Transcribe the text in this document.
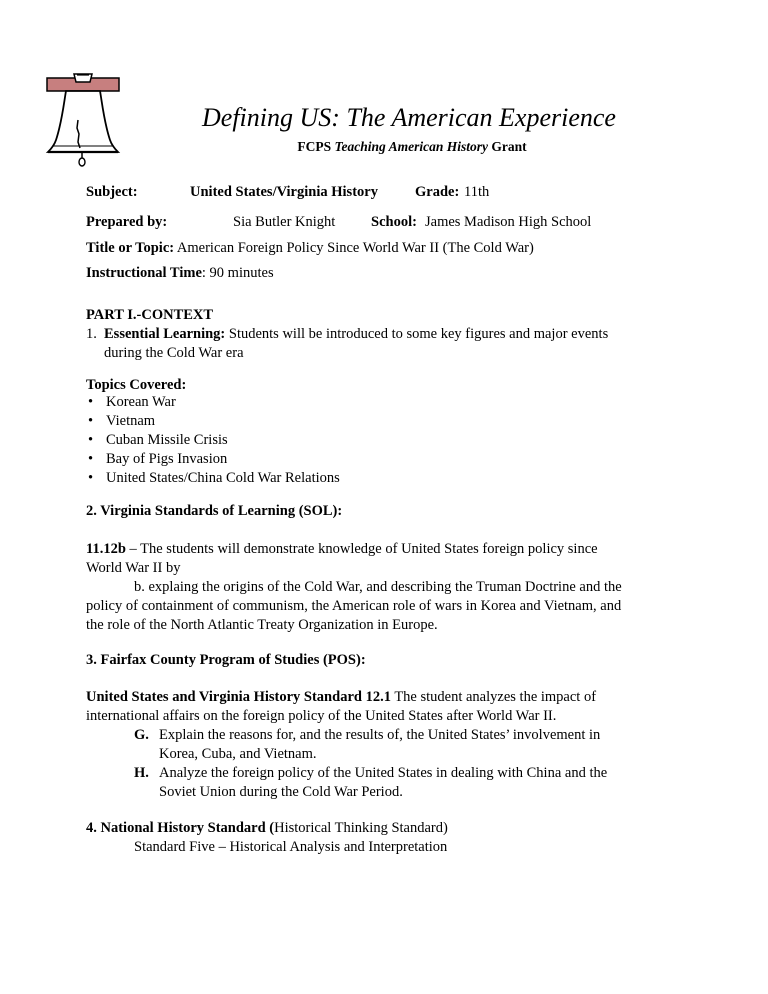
Defining US: The American Experience
FCPS Teaching American History Grant
Subject:	United States/Virginia History	Grade: 11th
Prepared by:	Sia Butler Knight School: James Madison High School
Title or Topic: American Foreign Policy Since World War II (The Cold War)
Instructional Time: 90 minutes
PART I.-CONTEXT
1. Essential Learning: Students will be introduced to some key figures and major events
during the Cold War era
Topics Covered:
• Korean War
• Vietnam
• Cuban Missile Crisis
• Bay of Pigs Invasion
• United States/China Cold War Relations
2. Virginia Standards of Learning (SOL):
11.12b – The students will demonstrate knowledge of United States foreign policy since
World War II by
b. explaing the origins of the Cold War, and describing the Truman Doctrine and the
policy of containment of communism, the American role of wars in Korea and Vietnam, and
the role of the North Atlantic Treaty Organization in Europe.
3. Fairfax County Program of Studies (POS):
United States and Virginia History Standard 12.1 The student analyzes the impact of
international affairs on the foreign policy of the United States after World War II.
G. Explain the reasons for, and the results of, the United States’ involvement in
Korea, Cuba, and Vietnam.
H. Analyze the foreign policy of the United States in dealing with China and the
Soviet Union during the Cold War Period.
4. National History Standard (Historical Thinking Standard)
Standard Five – Historical Analysis and Interpretation
